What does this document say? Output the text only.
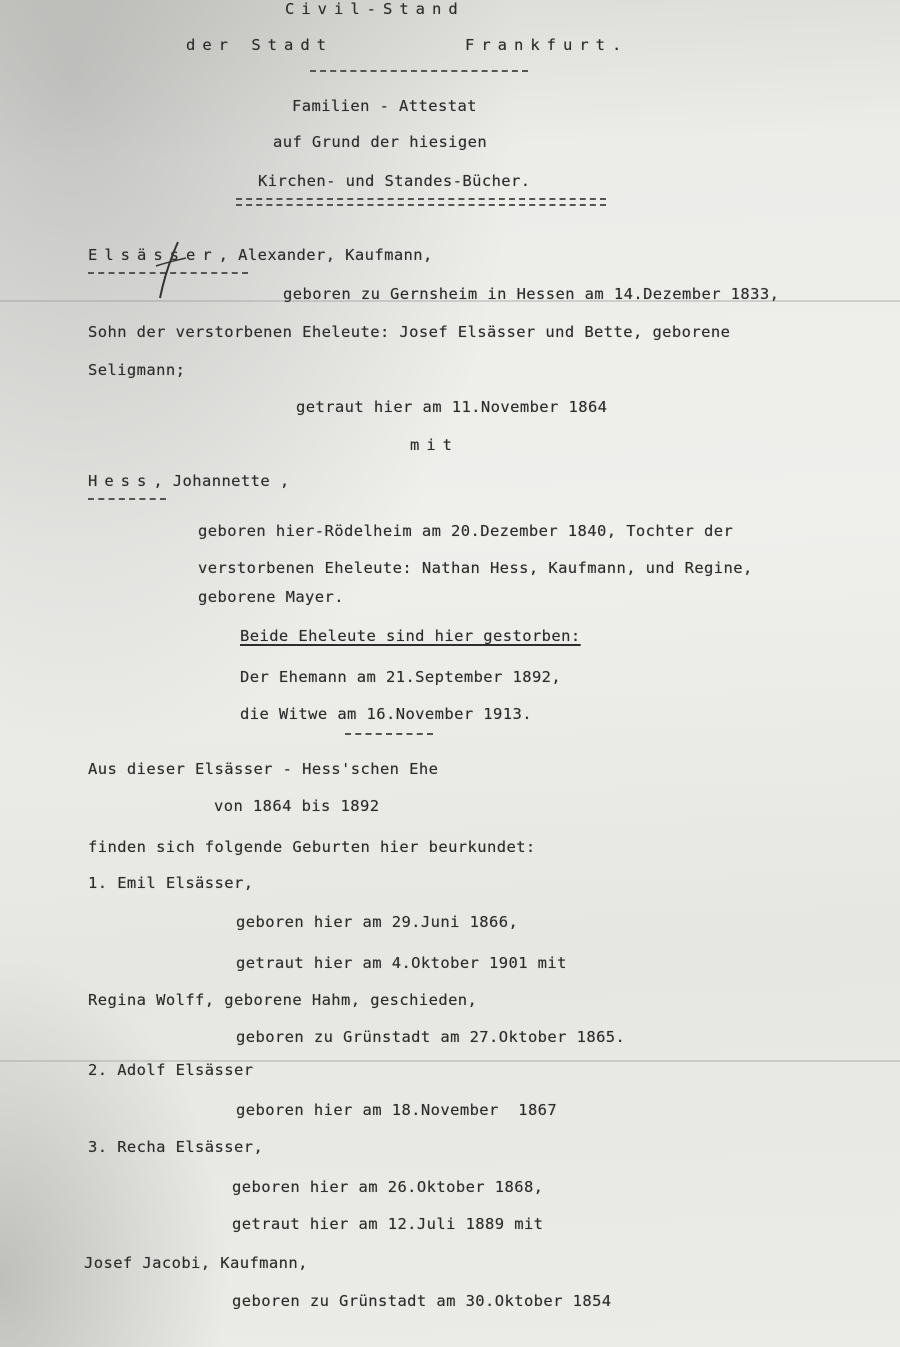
Civil-Stand
der Stadt	Frankfurt.
Familien - Attestat
auf Grund der hiesigen
Kirchen- und Standes-Bücher.
Elsässer, Alexander, Kaufmann,
geboren zu Gernsheim in Hessen am 14.Dezember 1833,
Sohn der verstorbenen Eheleute: Josef Elsässer und Bette, geborene
Seligmann;
getraut hier am 11.November 1864
mit
Hess, Johannette ,
geboren hier-Rödelheim am 20.Dezember 1840, Tochter der
verstorbenen Eheleute: Nathan Hess, Kaufmann, und Regine,
geborene Mayer.
Beide Eheleute sind hier gestorben:
Der Ehemann am 21.September 1892,
die Witwe am 16.November 1913.
Aus dieser Elsässer - Hess'schen Ehe
von 1864 bis 1892
finden sich folgende Geburten hier beurkundet:
1. Emil Elsässer,
geboren hier am 29.Juni 1866,
getraut hier am 4.Oktober 1901 mit
Regina Wolff, geborene Hahm, geschieden,
geboren zu Grünstadt am 27.Oktober 1865.
2. Adolf Elsässer
geboren hier am 18.November  1867
3. Recha Elsässer,
geboren hier am 26.Oktober 1868,
getraut hier am 12.Juli 1889 mit
Josef Jacobi, Kaufmann,
geboren zu Grünstadt am 30.Oktober 1854
